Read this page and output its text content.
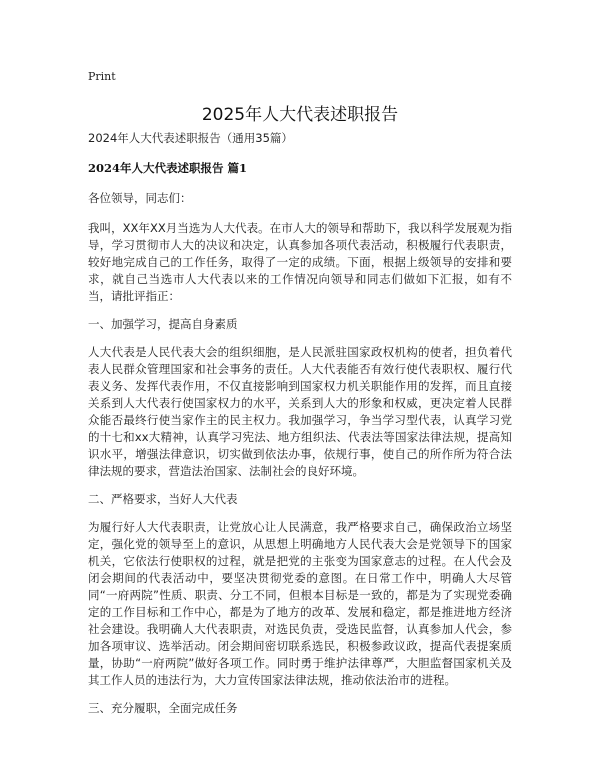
Print
2025年人大代表述职报告

2024年人大代表述职报告（通用35篇）

2024年人大代表述职报告 篇1

各位领导，同志们：

我叫，XX年XX月当选为人大代表。在市人大的领导和帮助下，我以科学发展观为指导，学习贯彻市人大的决议和决定，认真参加各项代表活动，积极履行代表职责，较好地完成自己的工作任务，取得了一定的成绩。下面，根据上级领导的安排和要求，就自己当选市人大代表以来的工作情况向领导和同志们做如下汇报，如有不当，请批评指正：

一、加强学习，提高自身素质

人大代表是人民代表大会的组织细胞，是人民派驻国家政权机构的使者，担负着代表人民群众管理国家和社会事务的责任。人大代表能否有效行使代表职权、履行代表义务、发挥代表作用，不仅直接影响到国家权力机关职能作用的发挥，而且直接关系到人大代表行使国家权力的水平，关系到人大的形象和权威，更决定着人民群众能否最终行使当家作主的民主权力。我加强学习，争当学习型代表，认真学习党的十七和xx大精神，认真学习宪法、地方组织法、代表法等国家法律法规，提高知识水平，增强法律意识，切实做到依法办事，依规行事，使自己的所作所为符合法律法规的要求，营造法治国家、法制社会的良好环境。

二、严格要求，当好人大代表

为履行好人大代表职责，让党放心让人民满意，我严格要求自己，确保政治立场坚定，强化党的领导至上的意识，从思想上明确地方人民代表大会是党领导下的国家机关，它依法行使职权的过程，就是把党的主张变为国家意志的过程。在人代会及闭会期间的代表活动中，要坚决贯彻党委的意图。在日常工作中，明确人大尽管同“一府两院”性质、职责、分工不同，但根本目标是一致的，都是为了实现党委确定的工作目标和工作中心，都是为了地方的改革、发展和稳定，都是推进地方经济社会建设。我明确人大代表职责，对选民负责，受选民监督，认真参加人代会，参加各项审议、选举活动。闭会期间密切联系选民，积极参政议政，提高代表提案质量，协助“一府两院”做好各项工作。同时勇于维护法律尊严，大胆监督国家机关及其工作人员的违法行为，大力宣传国家法律法规，推动依法治市的进程。

三、充分履职，全面完成任务
